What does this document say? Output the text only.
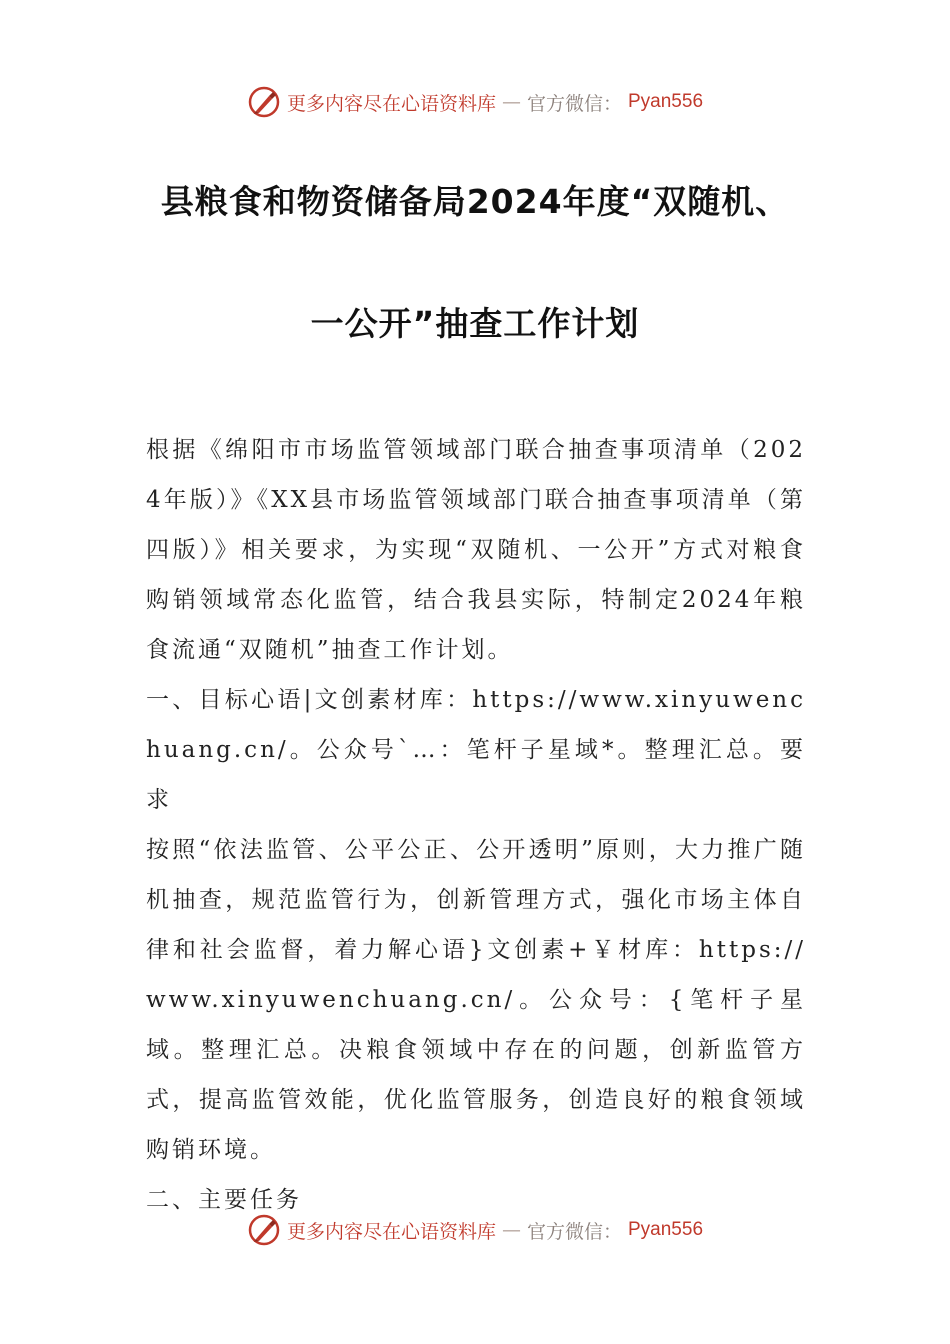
更多内容尽在心语资料库 — 官方微信： Pyan556
县粮食和物资储备局2024年度“双随机、
一公开”抽查工作计划

根据《绵阳市市场监管领域部门联合抽查事项清单（2024年版）》《XX县市场监管领域部门联合抽查事项清单（第四版）》相关要求，为实现“双随机、一公开”方式对粮食购销领域常态化监管，结合我县实际，特制定2024年粮食流通“双随机”抽查工作计划。

一、目标心语|文创素材库：https://www.xinyuwenchuang.cn/。公众号`…：笔杆子星域*。整理汇总。要求

按照“依法监管、公平公正、公开透明”原则，大力推广随机抽查，规范监管行为，创新管理方式，强化市场主体自律和社会监督，着力解心语}文创素+￥材库：https://www.xinyuwenchuang.cn/。公众号：{笔杆子星域。整理汇总。决粮食领域中存在的问题，创新监管方式，提高监管效能，优化监管服务，创造良好的粮食领域购销环境。

二、主要任务

更多内容尽在心语资料库 — 官方微信： Pyan556
